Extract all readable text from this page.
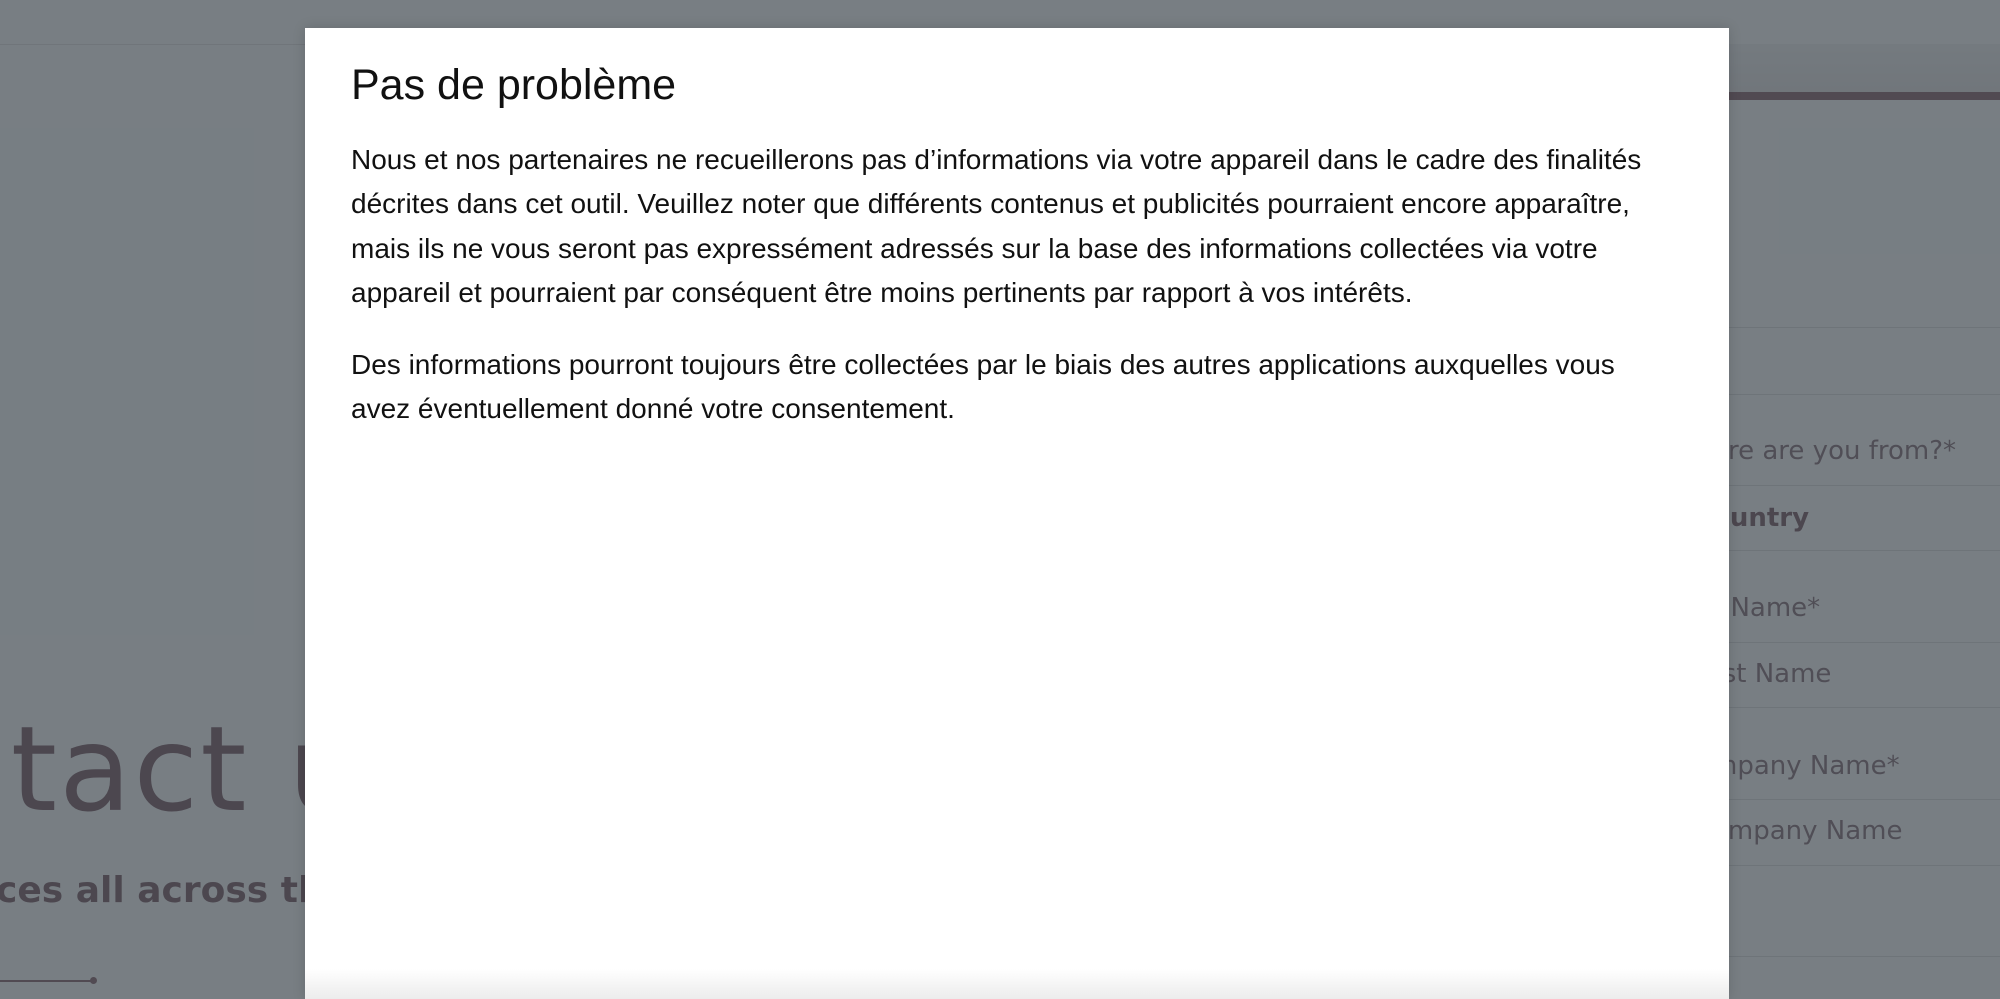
Pas de problème

Nous et nos partenaires ne recueillerons pas d’informations via votre appareil dans le cadre des finalités décrites dans cet outil. Veuillez noter que différents contenus et publicités pourraient encore apparaître, mais ils ne vous seront pas expressément adressés sur la base des informations collectées via votre appareil et pourraient par conséquent être moins pertinents par rapport à vos intérêts.

Des informations pourront toujours être collectées par le biais des autres applications auxquelles vous avez éventuellement donné votre consentement.
